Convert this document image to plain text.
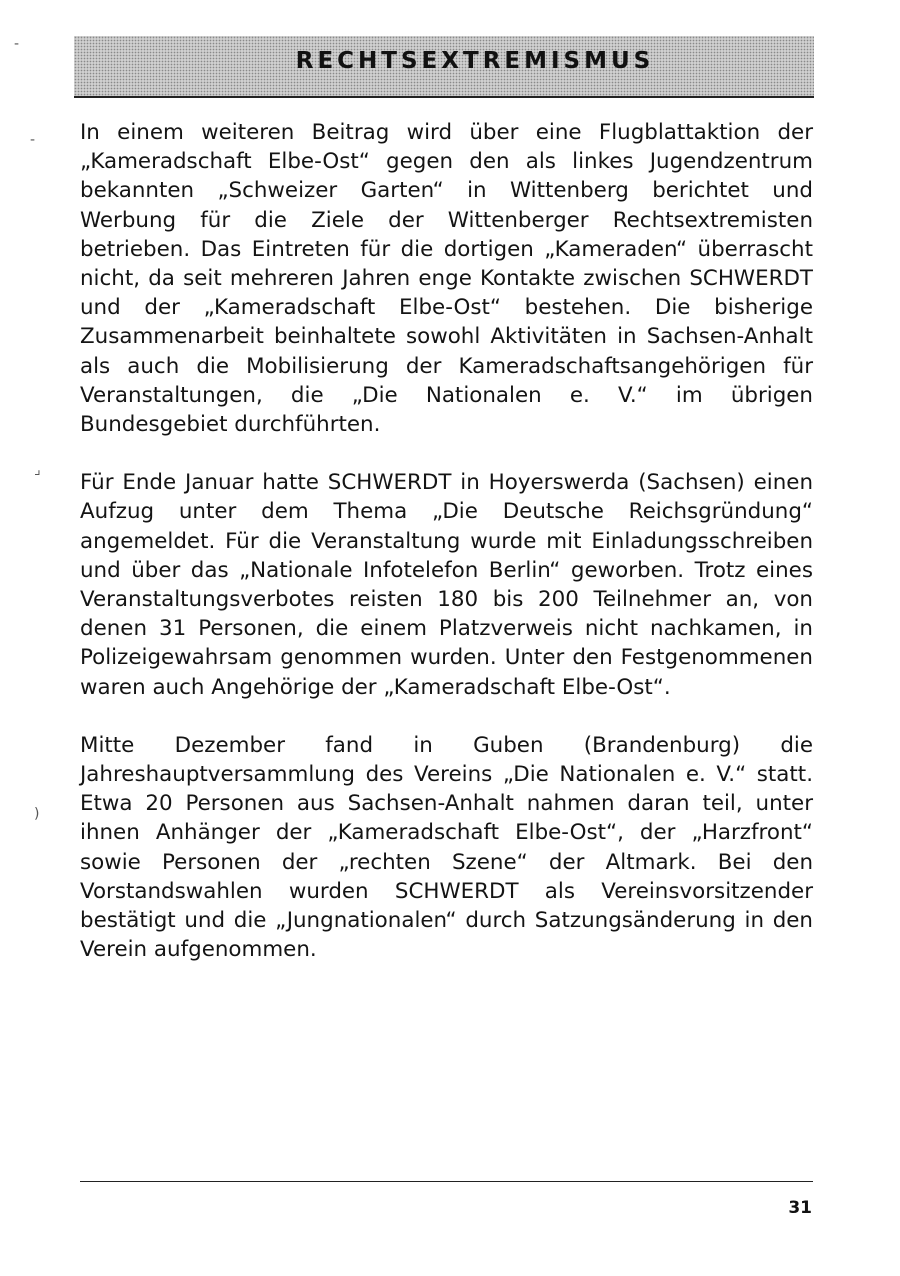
RECHTSEXTREMISMUS
-
-
⌟
)

In einem weiteren Beitrag wird über eine Flugblattaktion der „Kameradschaft Elbe-Ost“ gegen den als linkes Jugendzentrum bekannten „Schweizer Garten“ in Wittenberg berichtet und Werbung für die Ziele der Wittenberger Rechtsextremisten betrieben. Das Eintreten für die dortigen „Kameraden“ überrascht nicht, da seit mehreren Jahren enge Kontakte zwischen SCHWERDT und der „Kameradschaft Elbe-Ost“ bestehen. Die bisherige Zusammenarbeit beinhaltete sowohl Aktivitäten in Sachsen-Anhalt als auch die Mobilisierung der Kameradschaftsangehörigen für Veranstaltungen, die „Die Nationalen e. V.“ im übrigen Bundesgebiet durchführten.

Für Ende Januar hatte SCHWERDT in Hoyerswerda (Sachsen) einen Aufzug unter dem Thema „Die Deutsche Reichsgründung“ angemeldet. Für die Veranstaltung wurde mit Einladungsschreiben und über das „Nationale Infotelefon Berlin“ geworben. Trotz eines Veranstaltungsverbotes reisten 180 bis 200 Teilnehmer an, von denen 31 Personen, die einem Platzverweis nicht nachkamen, in Polizeigewahrsam genommen wurden. Unter den Festgenommenen waren auch Angehörige der „Kameradschaft Elbe-Ost“.

Mitte Dezember fand in Guben (Brandenburg) die Jahreshauptversammlung des Vereins „Die Nationalen e. V.“ statt. Etwa 20 Personen aus Sachsen-Anhalt nahmen daran teil, unter ihnen Anhänger der „Kameradschaft Elbe-Ost“, der „Harzfront“ sowie Personen der „rechten Szene“ der Altmark. Bei den Vorstandswahlen wurden SCHWERDT als Vereinsvorsitzender bestätigt und die „Jungnationalen“ durch Satzungsänderung in den Verein aufgenommen.

31
